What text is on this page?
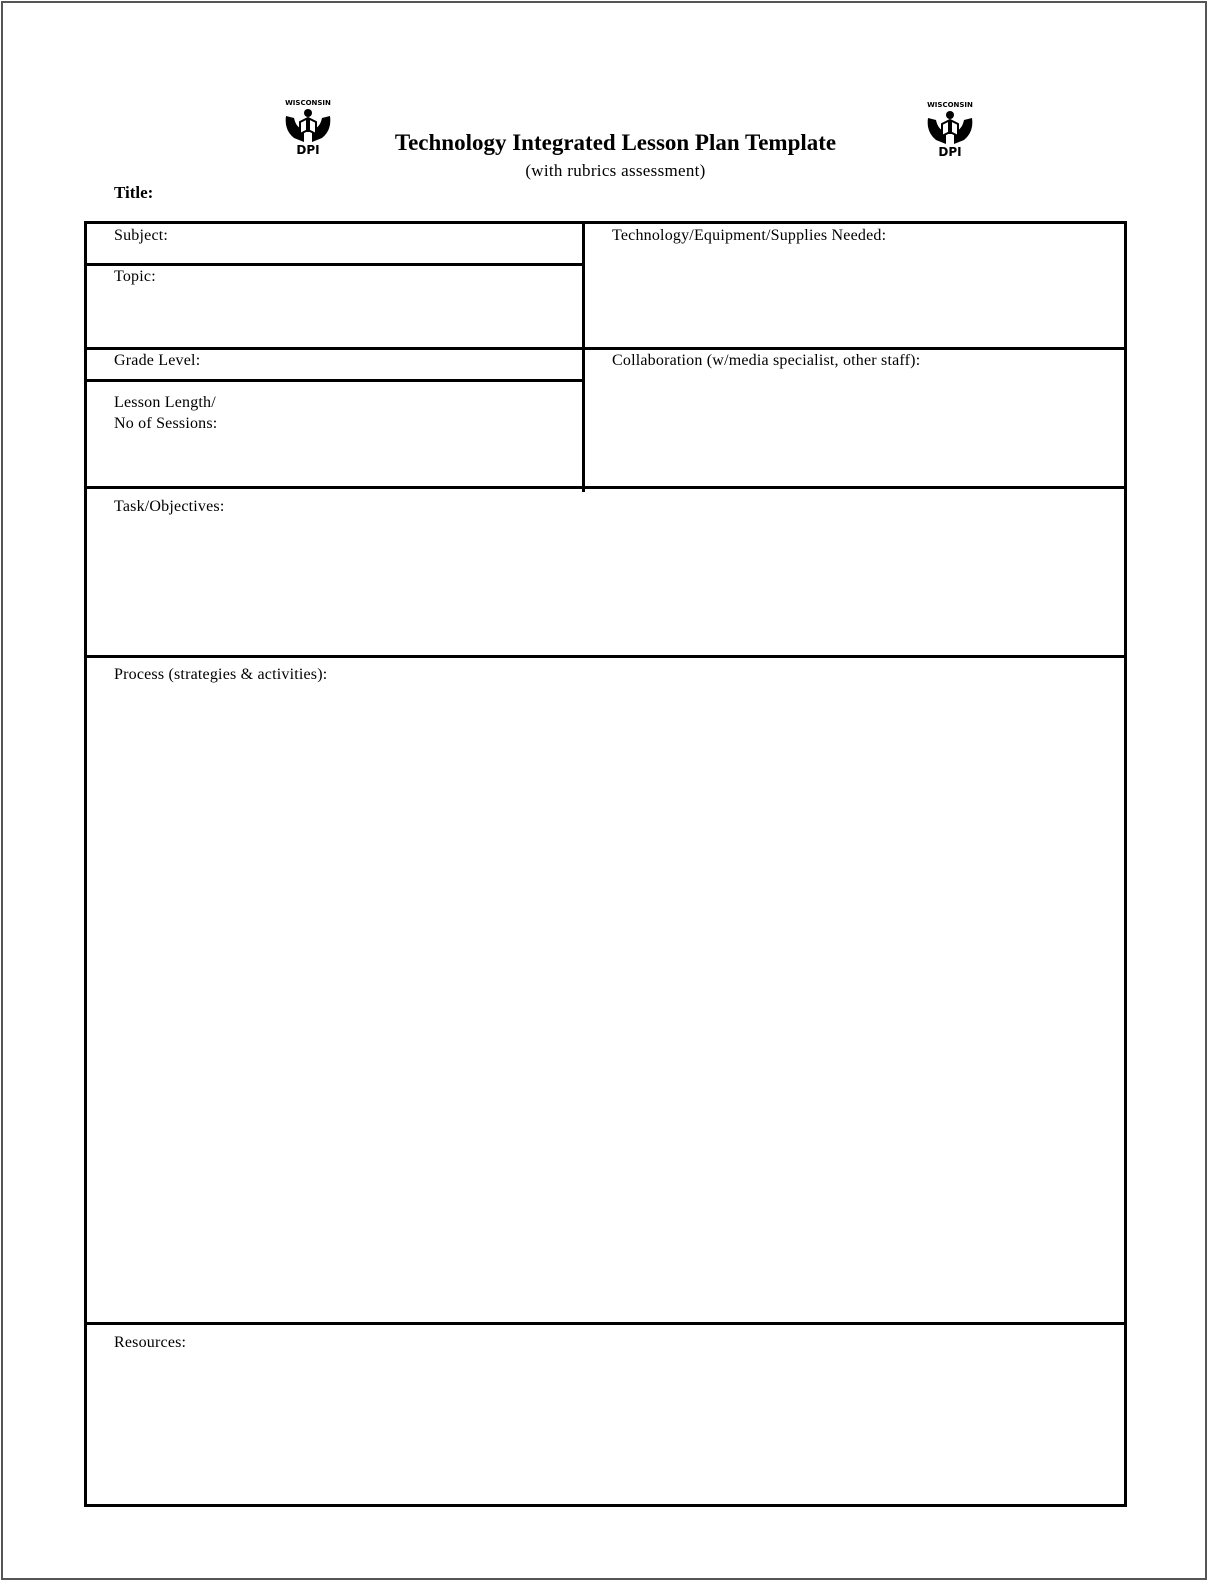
WISCONSIN
DPI
WISCONSIN
DPI
Technology Integrated Lesson Plan Template
(with rubrics assessment)
Title:
Subject:
Topic:
Technology/Equipment/Supplies Needed:
Grade Level:	Collaboration (w/media specialist, other staff):
Lesson Length/
No of Sessions:
Task/Objectives:
Process (strategies & activities):
Resources:
